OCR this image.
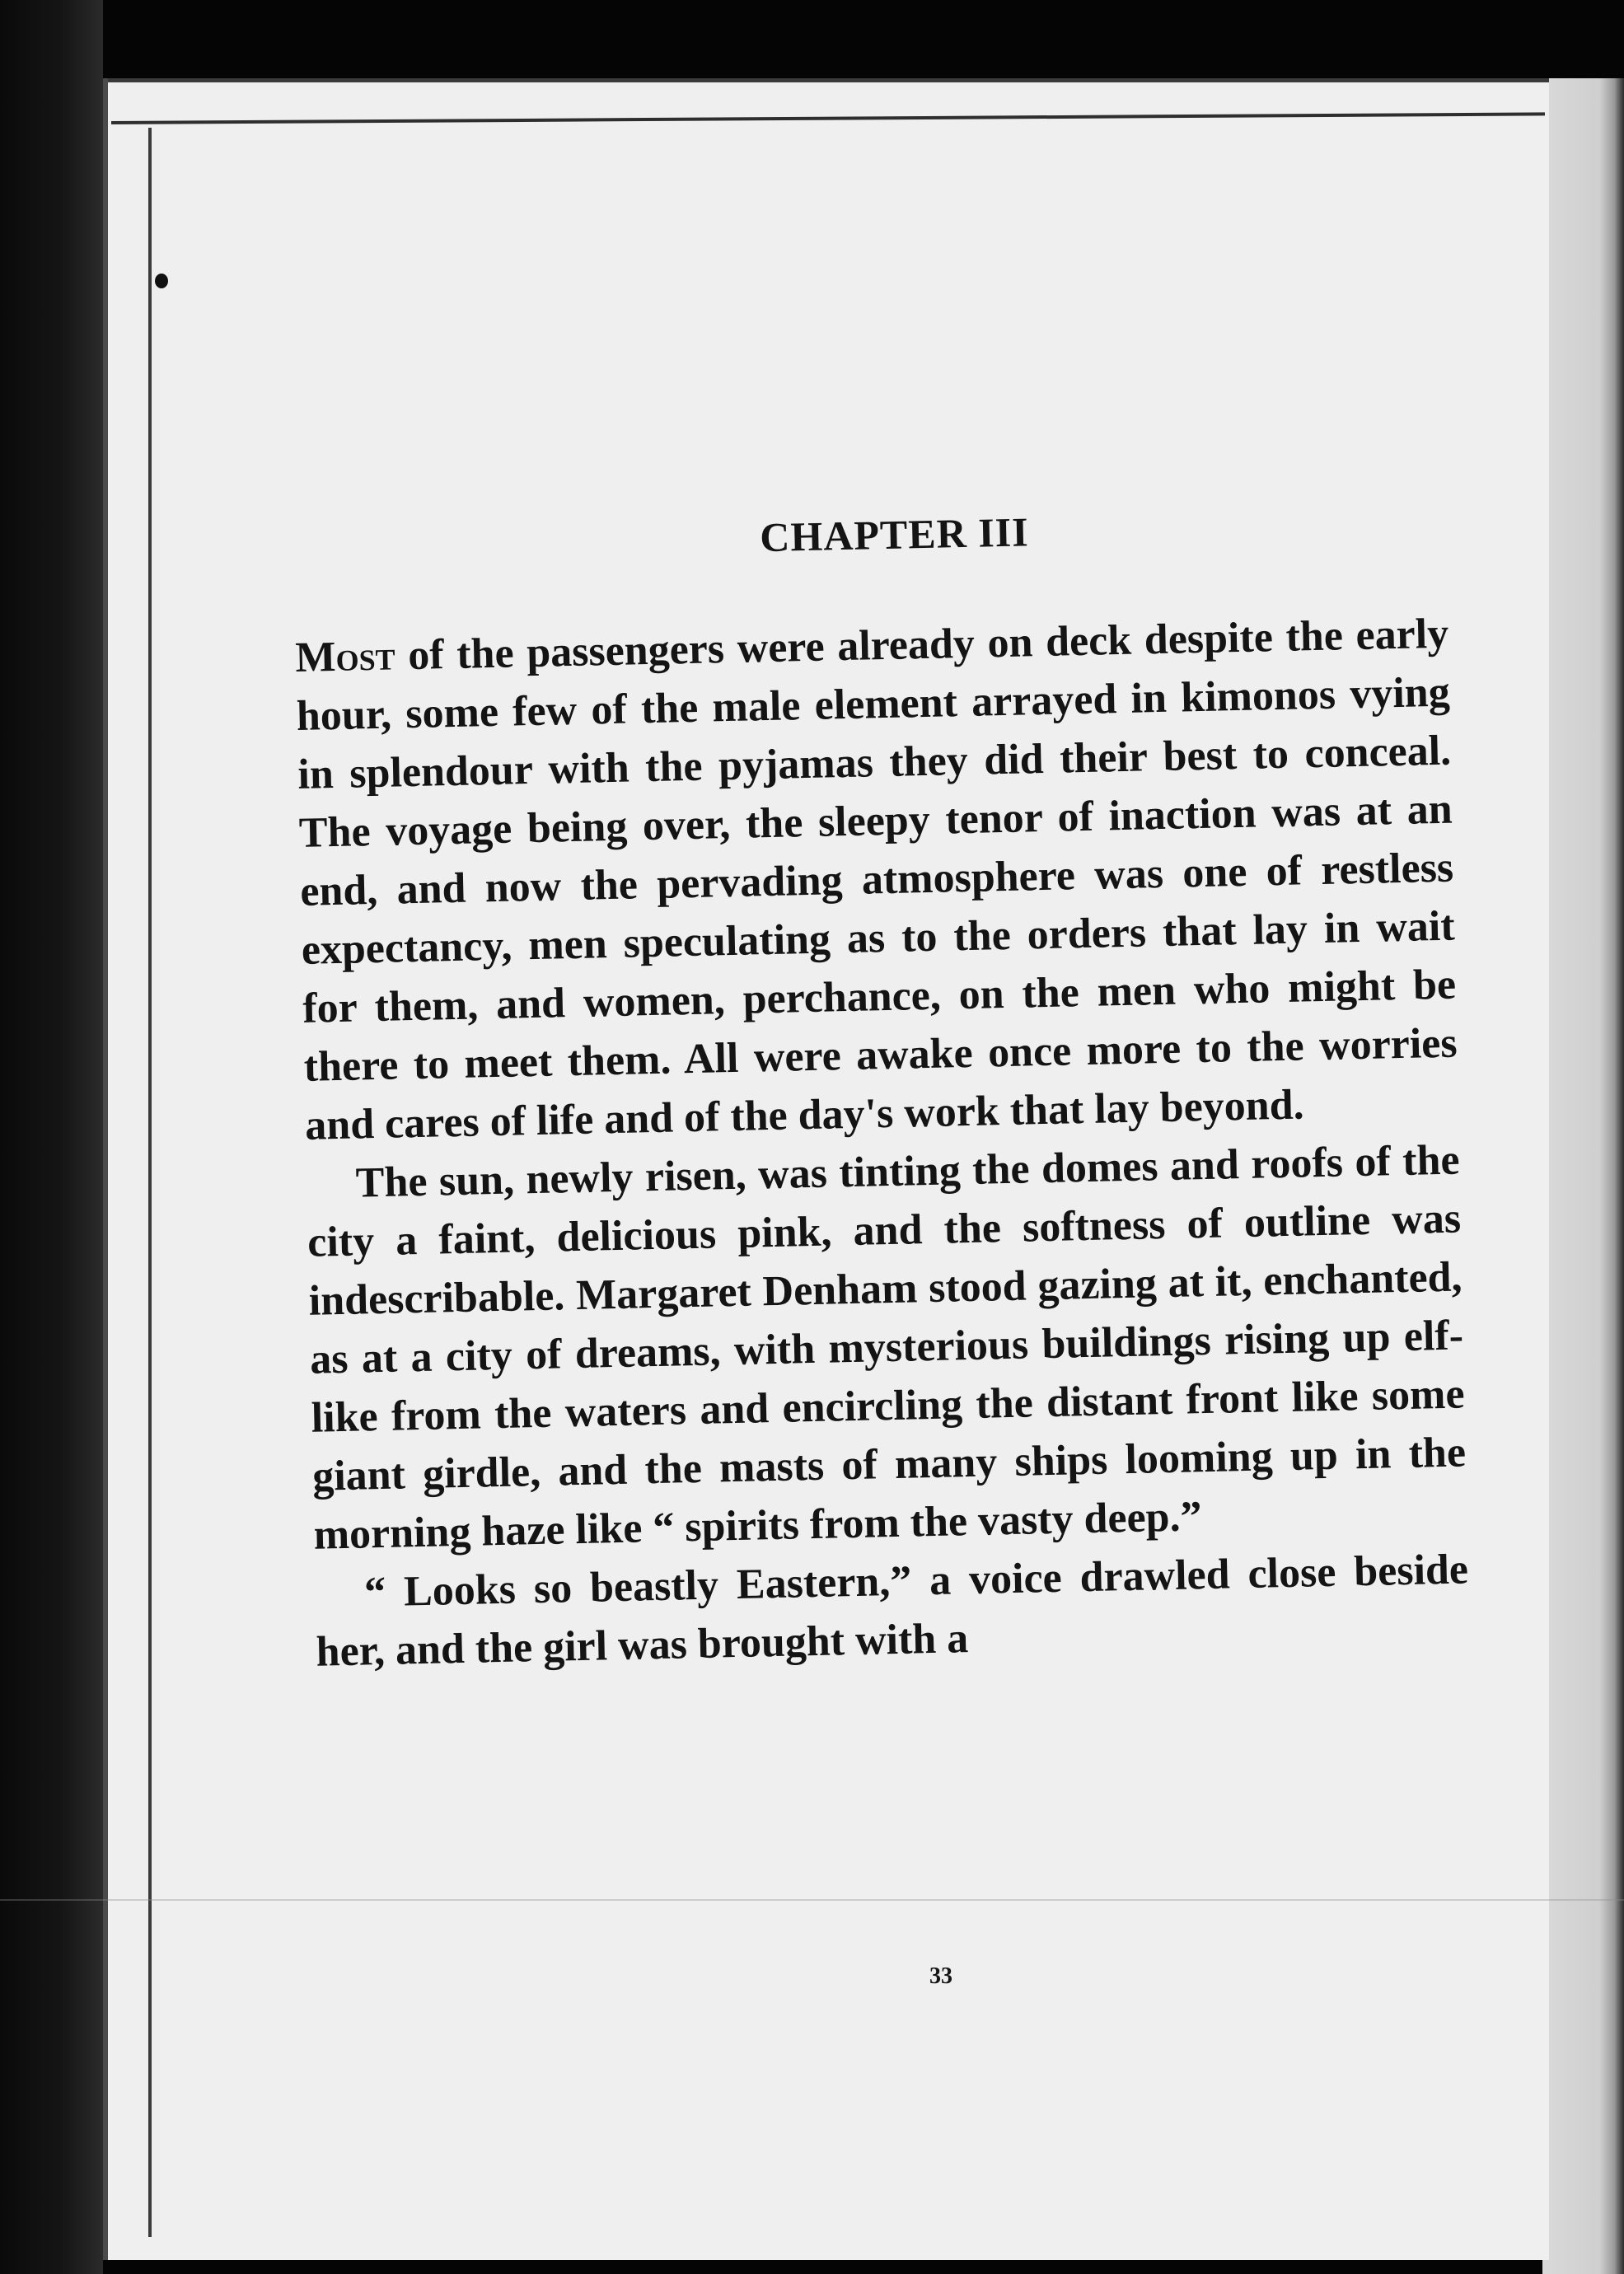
CHAPTER III

Most of the passengers were already on deck despite the early hour, some few of the male element arrayed in kimonos vying in splendour with the pyjamas they did their best to conceal. The voyage being over, the sleepy tenor of inaction was at an end, and now the pervading atmosphere was one of restless expectancy, men speculating as to the orders that lay in wait for them, and women, perchance, on the men who might be there to meet them. All were awake once more to the worries and cares of life and of the day's work that lay beyond.

The sun, newly risen, was tinting the domes and roofs of the city a faint, delicious pink, and the softness of outline was indescribable. Margaret Denham stood gazing at it, enchanted, as at a city of dreams, with mysterious buildings rising up elf-like from the waters and encircling the distant front like some giant girdle, and the masts of many ships looming up in the morning haze like “ spirits from the vasty deep.”

“ Looks so beastly Eastern,” a voice drawled close beside her, and the girl was brought with a

33
